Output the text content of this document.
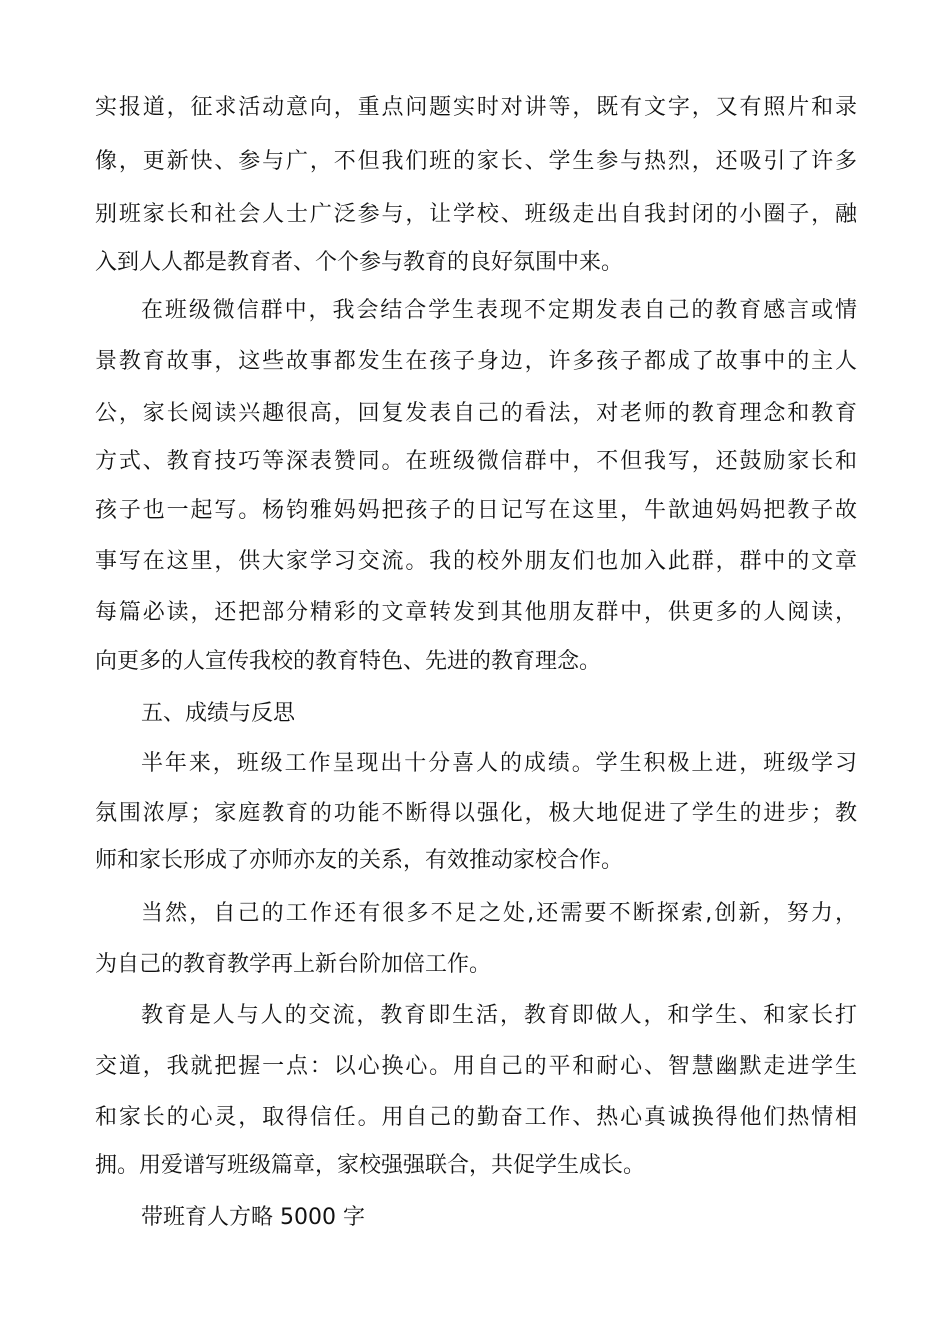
实报道，征求活动意向，重点问题实时对讲等，既有文字，又有照片和录
像，更新快、参与广，不但我们班的家长、学生参与热烈，还吸引了许多
别班家长和社会人士广泛参与，让学校、班级走出自我封闭的小圈子，融
入到人人都是教育者、个个参与教育的良好氛围中来。
在班级微信群中，我会结合学生表现不定期发表自己的教育感言或情
景教育故事，这些故事都发生在孩子身边，许多孩子都成了故事中的主人
公，家长阅读兴趣很高，回复发表自己的看法，对老师的教育理念和教育
方式、教育技巧等深表赞同。在班级微信群中，不但我写，还鼓励家长和
孩子也一起写。杨钧雅妈妈把孩子的日记写在这里，牛歆迪妈妈把教子故
事写在这里，供大家学习交流。我的校外朋友们也加入此群，群中的文章
每篇必读，还把部分精彩的文章转发到其他朋友群中，供更多的人阅读，
向更多的人宣传我校的教育特色、先进的教育理念。
五、成绩与反思
半年来，班级工作呈现出十分喜人的成绩。学生积极上进，班级学习
氛围浓厚；家庭教育的功能不断得以强化，极大地促进了学生的进步；教
师和家长形成了亦师亦友的关系，有效推动家校合作。
当然，自己的工作还有很多不足之处,还需要不断探索,创新，努力，
为自己的教育教学再上新台阶加倍工作。
教育是人与人的交流，教育即生活，教育即做人，和学生、和家长打
交道，我就把握一点：以心换心。用自己的平和耐心、智慧幽默走进学生
和家长的心灵，取得信任。用自己的勤奋工作、热心真诚换得他们热情相
拥。用爱谱写班级篇章，家校强强联合，共促学生成长。
带班育人方略 5000 字
